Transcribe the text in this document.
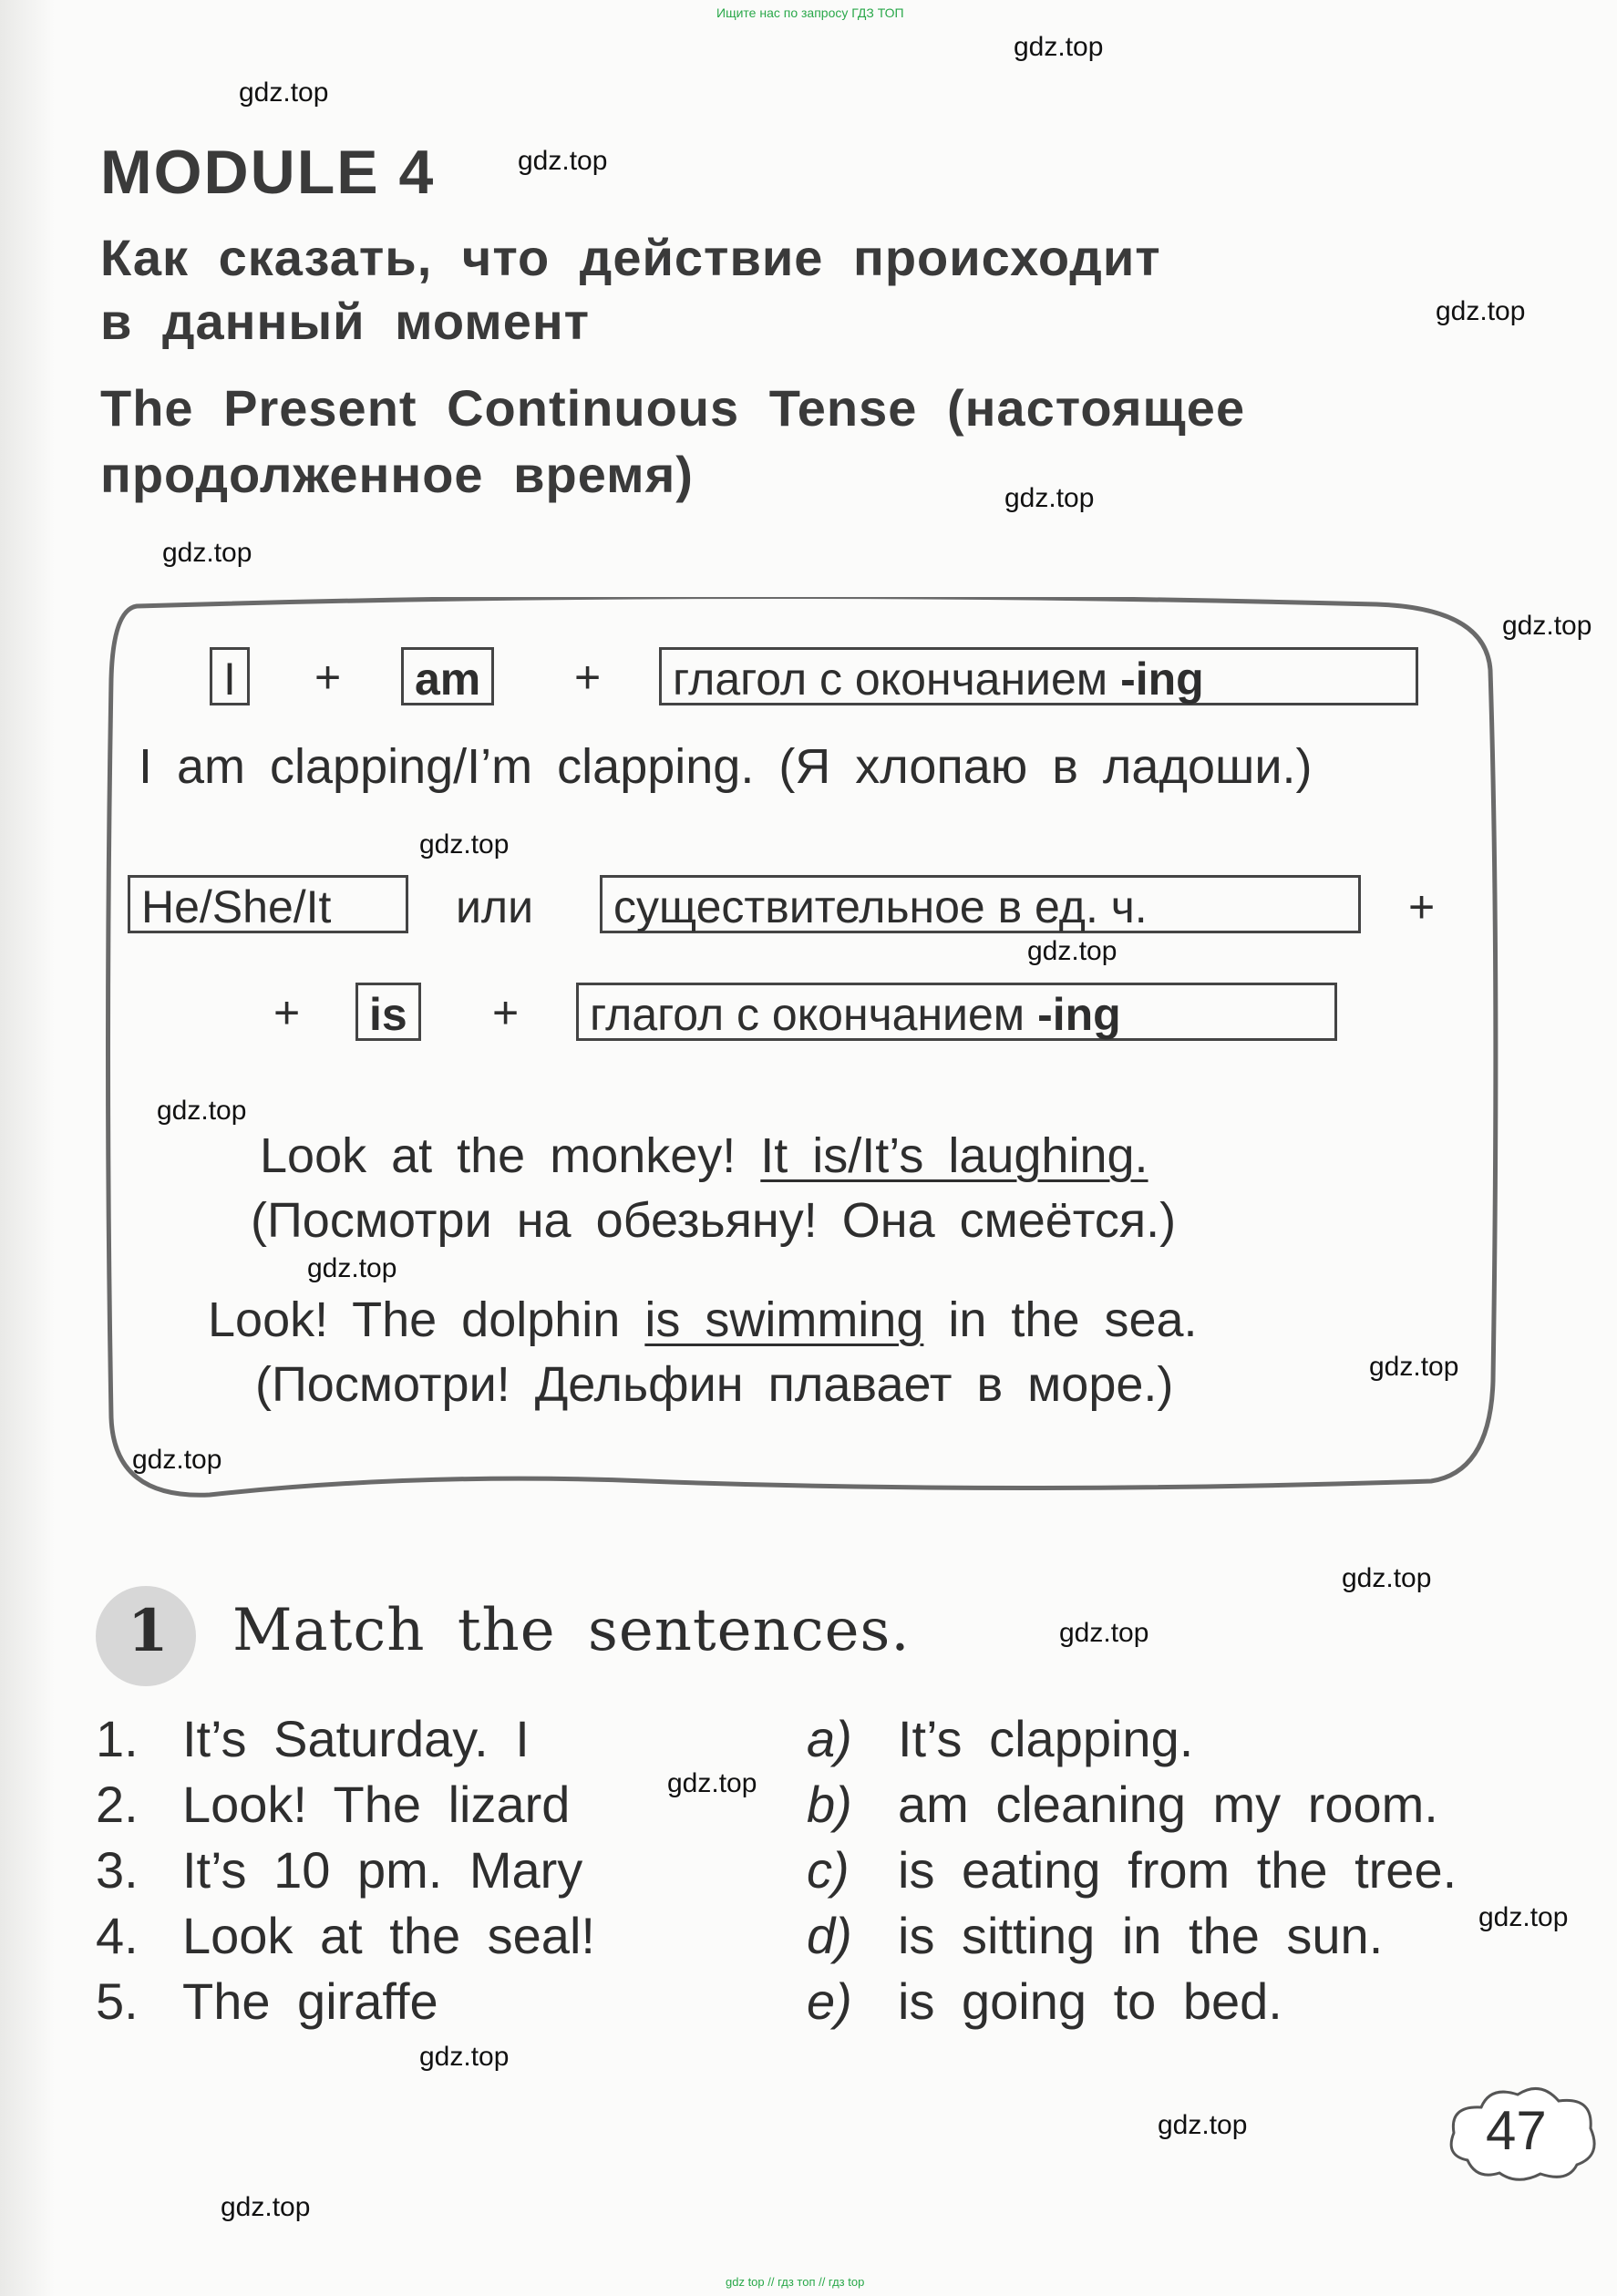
Ищите нас по запросу ГДЗ ТОП
MODULE 4
Как сказать, что действие происходит
в данный момент
The Present Continuous Tense (настоящее
продолженное время)
I	+	am	+	глагол с окончанием -ing
I am clapping/I’m clapping. (Я хлопаю в ладоши.)
He/She/It	или	существительное в ед. ч.	+
+	is	+	глагол с окончанием -ing
Look at the monkey! It is/It’s laughing.
(Посмотри на обезьяну! Она смеётся.)
Look! The dolphin is swimming in the sea.
(Посмотри! Дельфин плавает в море.)
1 Match the sentences.
1. It’s Saturday. I
2. Look! The lizard
3. It’s 10 pm. Mary
4. Look at the seal!
5. The giraffe
a) It’s clapping.
b) am cleaning my room.
c) is eating from the tree.
d) is sitting in the sun.
e) is going to bed.
47
gdz.top
gdz.top
gdz.top
gdz.top
gdz.top
gdz.top
gdz.top
gdz.top
gdz.top
gdz.top
gdz.top
gdz.top
gdz.top
gdz.top
gdz.top
gdz.top
gdz.top
gdz.top
gdz.top
gdz.top
gdz top // гдз топ // гдз top
